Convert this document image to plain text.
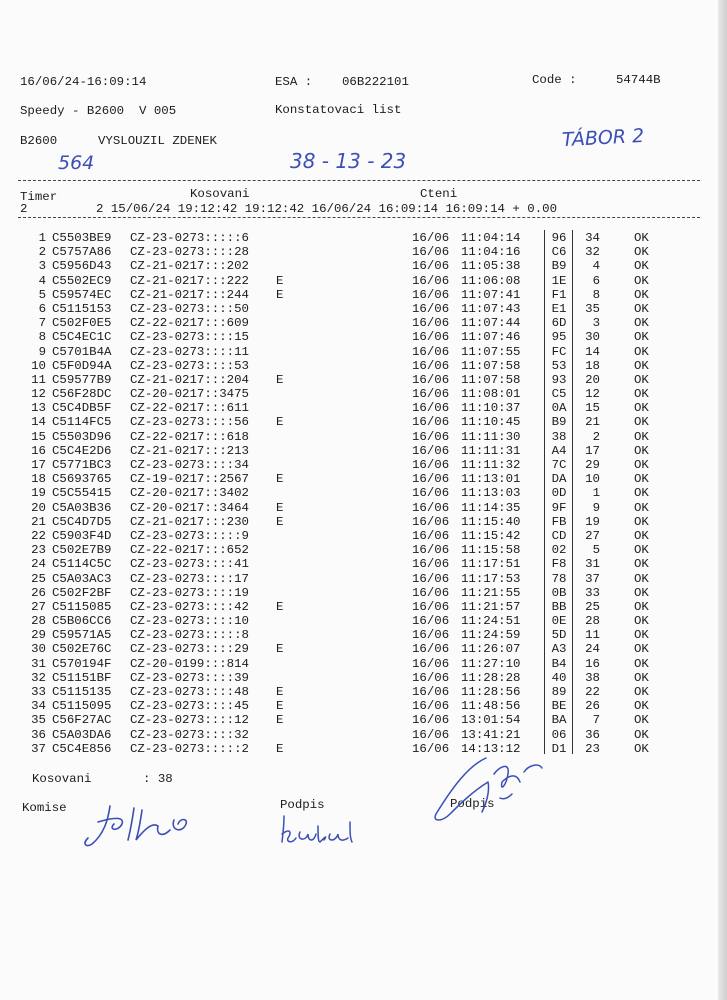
16/06/24-16:09:14	ESA : 06B222101	Code :	54744B
Speedy - B2600  V 005	Konstatovaci list
B2600	VYSLOUZIL ZDENEK	TÁBOR 2
564	38 - 13 - 23
Timer	Kosovani	Cteni
2	2 15/06/24 19:12:42 19:12:42 16/06/24 16:09:14 16:09:14 + 0.00
1 C5503BE9 CZ-23-0273:::::6	16/06 11:04:14	96	34	OK
2 C5757A86 CZ-23-0273::::28	16/06 11:04:16	C6	32	OK
3 C5956D43 CZ-21-0217:::202	16/06 11:05:38	B9	4	OK
4 C5502EC9 CZ-21-0217:::222 E	16/06 11:06:08	1E	6	OK
5 C59574EC CZ-21-0217:::244 E	16/06 11:07:41	F1	8	OK
6 C5115153 CZ-23-0273::::50	16/06 11:07:43	E1	35	OK
7 C502F0E5 CZ-22-0217:::609	16/06 11:07:44	6D	3	OK
8 C5C4EC1C CZ-23-0273::::15	16/06 11:07:46	95	30	OK
9 C5701B4A CZ-23-0273::::11	16/06 11:07:55	FC	14	OK
10 C5F0D94A CZ-23-0273::::53	16/06 11:07:58	53	18	OK
11 C59577B9 CZ-21-0217:::204 E	16/06 11:07:58	93	20	OK
12 C56F28DC CZ-20-0217::3475	16/06 11:08:01	C5	12	OK
13 C5C4DB5F CZ-22-0217:::611	16/06 11:10:37	0A	15	OK
14 C5114FC5 CZ-23-0273::::56 E	16/06 11:10:45	B9	21	OK
15 C5503D96 CZ-22-0217:::618	16/06 11:11:30	38	2	OK
16 C5C4E2D6 CZ-21-0217:::213	16/06 11:11:31	A4	17	OK
17 C5771BC3 CZ-23-0273::::34	16/06 11:11:32	7C	29	OK
18 C5693765 CZ-19-0217::2567 E	16/06 11:13:01	DA	10	OK
19 C5C55415 CZ-20-0217::3402	16/06 11:13:03	0D	1	OK
20 C5A03B36 CZ-20-0217::3464 E	16/06 11:14:35	9F	9	OK
21 C5C4D7D5 CZ-21-0217:::230 E	16/06 11:15:40	FB	19	OK
22 C5903F4D CZ-23-0273:::::9	16/06 11:15:42	CD	27	OK
23 C502E7B9 CZ-22-0217:::652	16/06 11:15:58	02	5	OK
24 C5114C5C CZ-23-0273::::41	16/06 11:17:51	F8	31	OK
25 C5A03AC3 CZ-23-0273::::17	16/06 11:17:53	78	37	OK
26 C502F2BF CZ-23-0273::::19	16/06 11:21:55	0B	33	OK
27 C5115085 CZ-23-0273::::42 E	16/06 11:21:57	BB	25	OK
28 C5B06CC6 CZ-23-0273::::10	16/06 11:24:51	0E	28	OK
29 C59571A5 CZ-23-0273:::::8	16/06 11:24:59	5D	11	OK
30 C502E76C CZ-23-0273::::29 E	16/06 11:26:07	A3	24	OK
31 C570194F CZ-20-0199:::814	16/06 11:27:10	B4	16	OK
32 C51151BF CZ-23-0273::::39	16/06 11:28:28	40	38	OK
33 C5115135 CZ-23-0273::::48 E	16/06 11:28:56	89	22	OK
34 C5115095 CZ-23-0273::::45 E	16/06 11:48:56	BE	26	OK
35 C56F27AC CZ-23-0273::::12 E	16/06 13:01:54	BA	7	OK
36 C5A03DA6 CZ-23-0273::::32	16/06 13:41:21	06	36	OK
37 C5C4E856 CZ-23-0273:::::2 E	16/06 14:13:12	D1	23	OK
Kosovani	: 38
Komise	Podpis	Podpis
